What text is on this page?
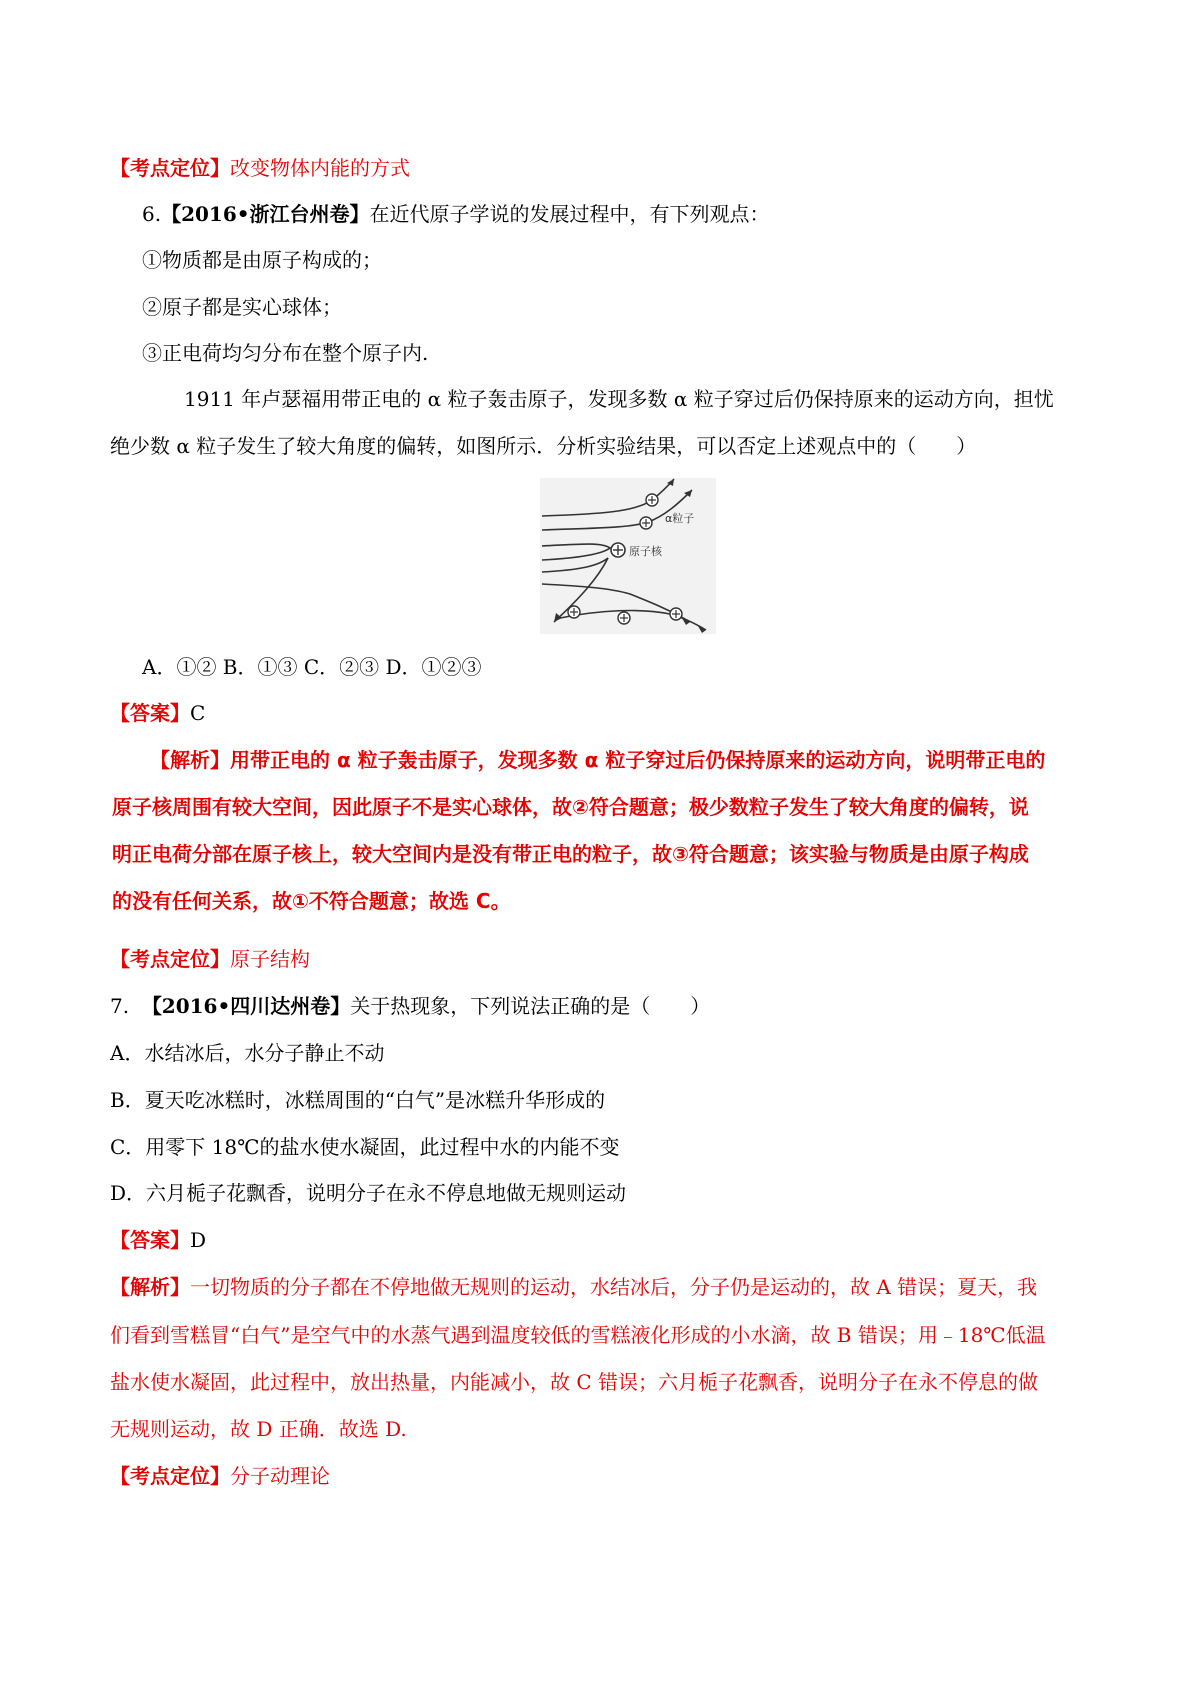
【考点定位】改变物体内能的方式
6.【2016•浙江台州卷】在近代原子学说的发展过程中，有下列观点：
①物质都是由原子构成的；
②原子都是实心球体；
③正电荷均匀分布在整个原子内.
1911 年卢瑟福用带正电的 α 粒子轰击原子，发现多数 α 粒子穿过后仍保持原来的运动方向，担忧
绝少数 α 粒子发生了较大角度的偏转，如图所示．分析实验结果，可以否定上述观点中的（　　）
α粒子
原子核
A．①② B．①③ C．②③ D．①②③
【答案】C
【解析】用带正电的 α 粒子轰击原子，发现多数 α 粒子穿过后仍保持原来的运动方向，说明带正电的
原子核周围有较大空间，因此原子不是实心球体，故②符合题意；极少数粒子发生了较大角度的偏转，说
明正电荷分部在原子核上，较大空间内是没有带正电的粒子，故③符合题意；该实验与物质是由原子构成
的没有任何关系，故①不符合题意；故选 C。
【考点定位】原子结构
7. 【2016•四川达州卷】关于热现象，下列说法正确的是（　　）
A．水结冰后，水分子静止不动
B．夏天吃冰糕时，冰糕周围的“白气”是冰糕升华形成的
C．用零下 18℃的盐水使水凝固，此过程中水的内能不变
D．六月栀子花飘香，说明分子在永不停息地做无规则运动
【答案】D
【解析】一切物质的分子都在不停地做无规则的运动，水结冰后，分子仍是运动的，故 A 错误；夏天，我
们看到雪糕冒“白气”是空气中的水蒸气遇到温度较低的雪糕液化形成的小水滴，故 B 错误；用﹣18℃低温
盐水使水凝固，此过程中，放出热量，内能减小，故 C 错误；六月栀子花飘香，说明分子在永不停息的做
无规则运动，故 D 正确．故选 D.
【考点定位】分子动理论
